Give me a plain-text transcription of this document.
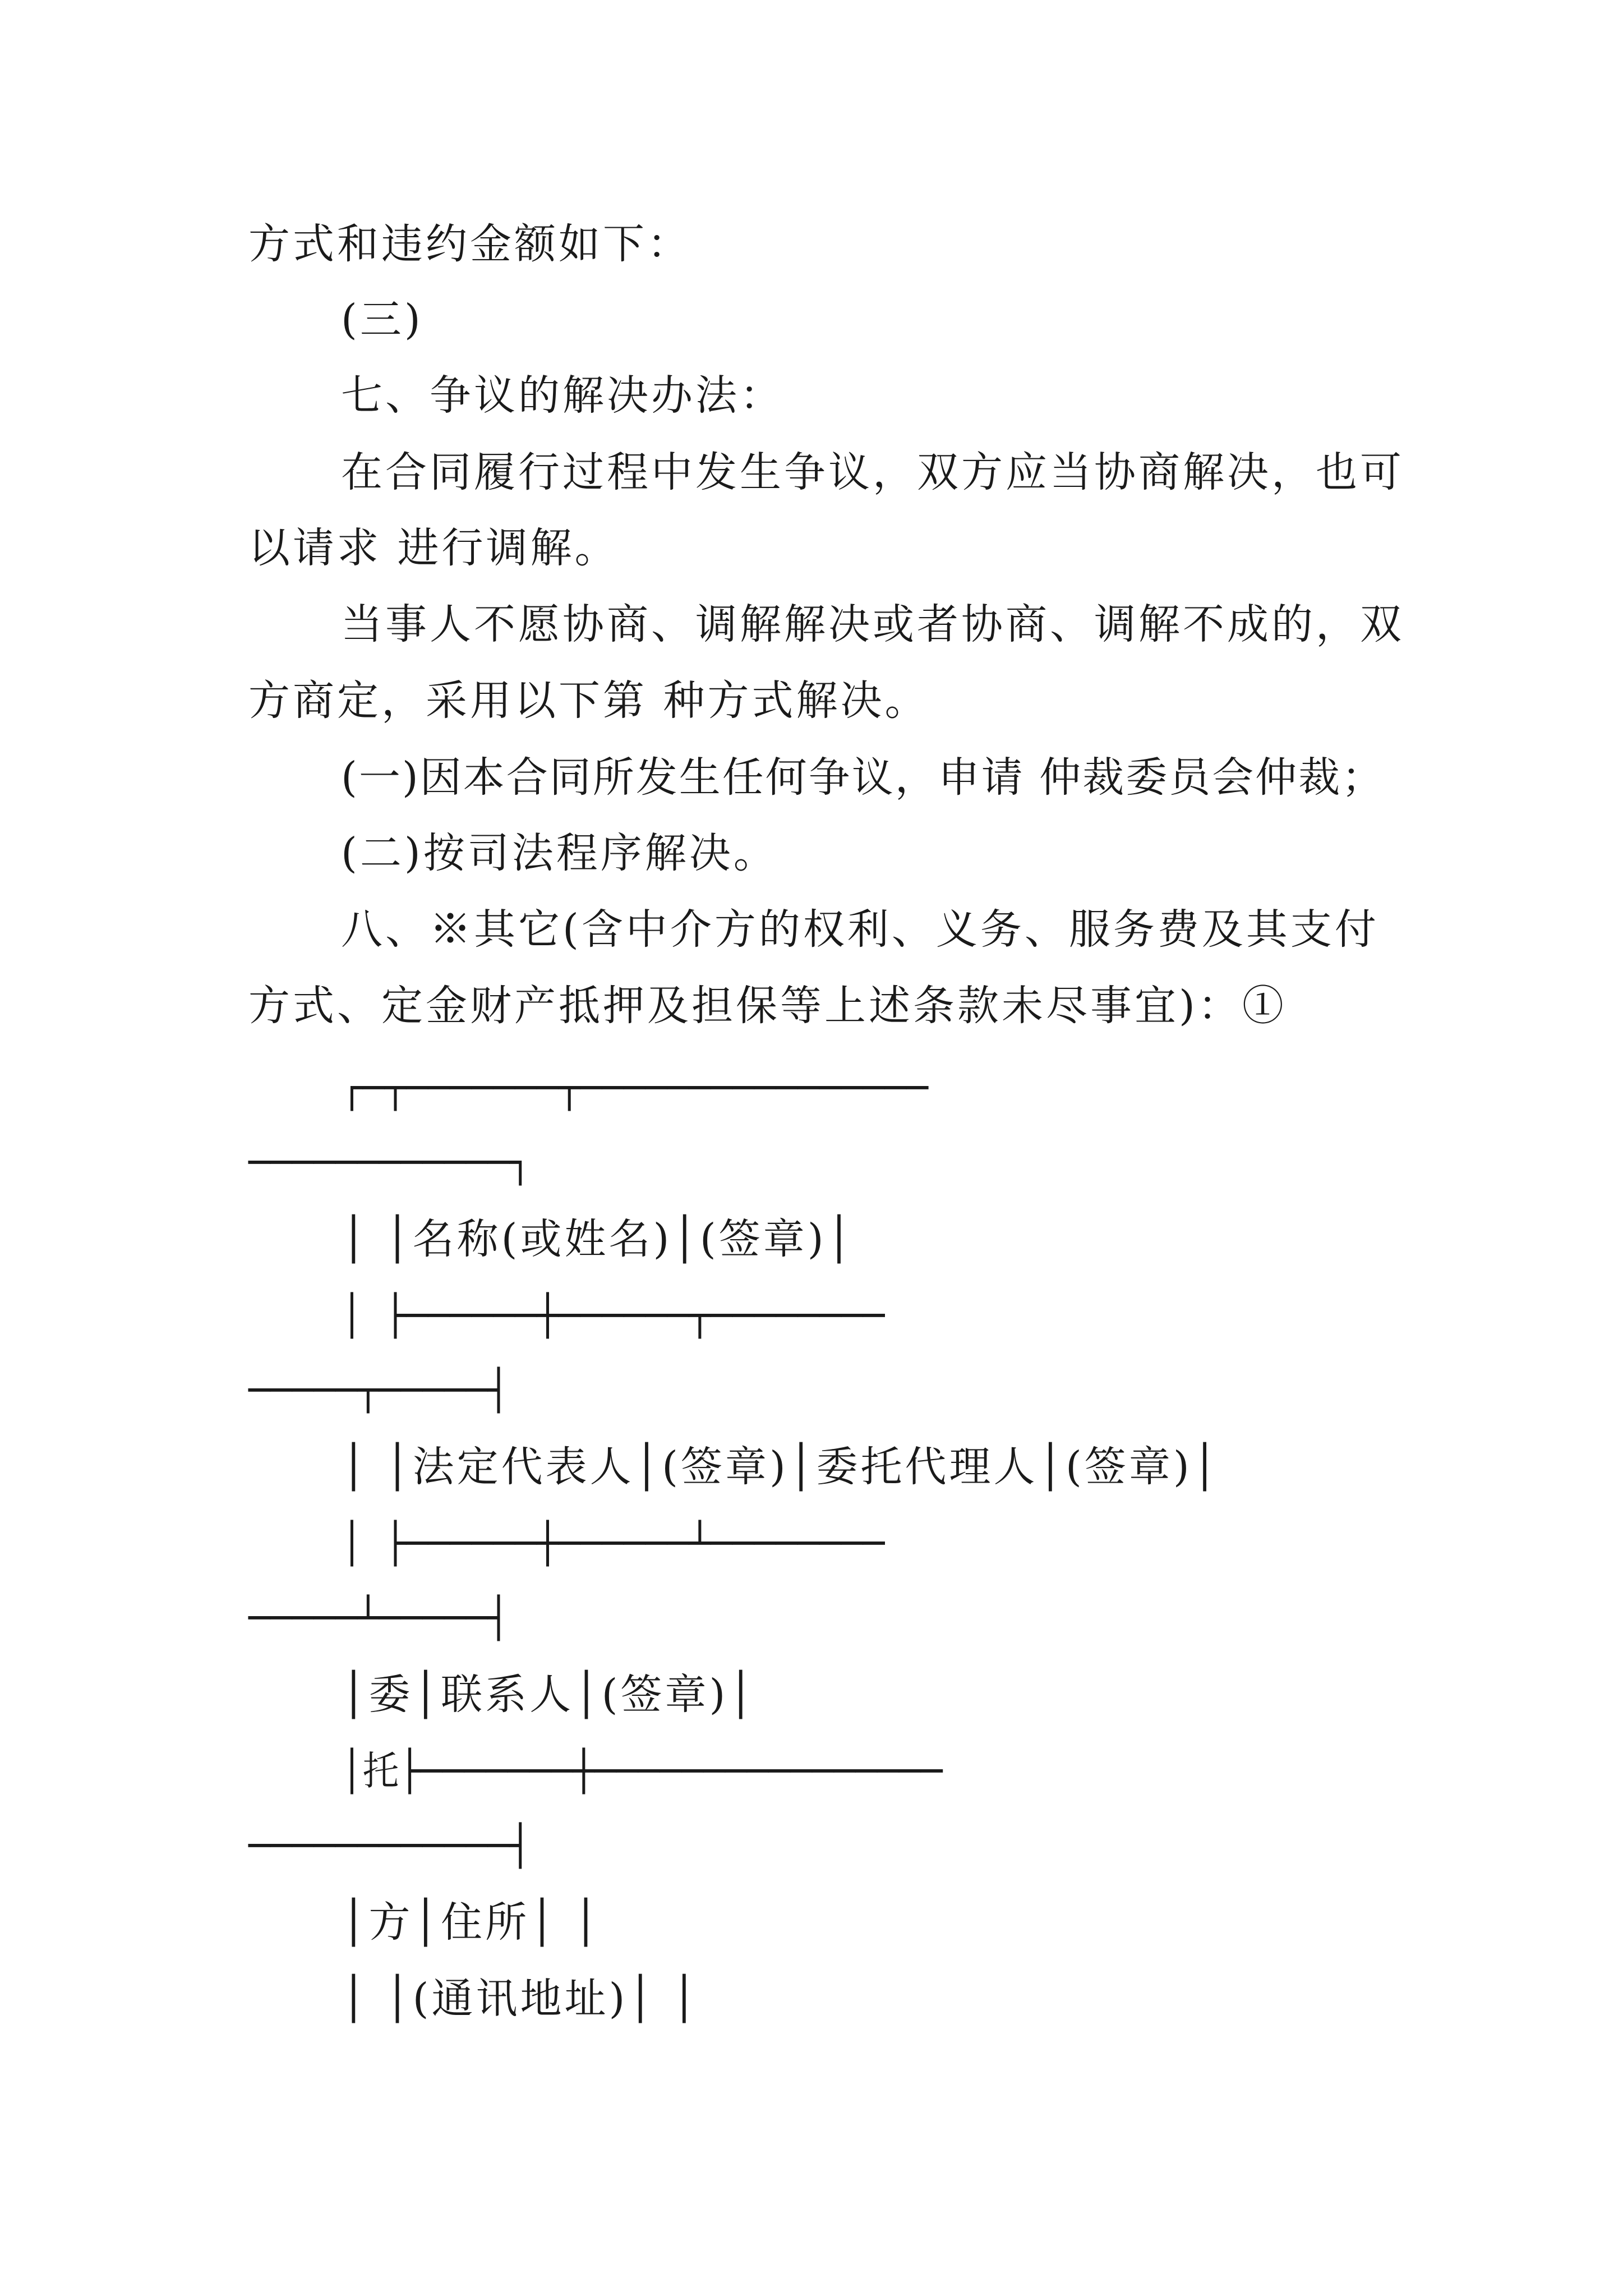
方式和违约金额如下：
(三)
七、争议的解决办法：
在合同履行过程中发生争议，双方应当协商解决，也可
以请求 进行调解。
当事人不愿协商、调解解决或者协商、调解不成的，双
方商定，采用以下第 种方式解决。
(一)因本合同所发生任何争议，申请 仲裁委员会仲裁；
(二)按司法程序解决。
八、※其它(含中介方的权利、义务、服务费及其支付
方式、定金财产抵押及担保等上述条款未尽事宜)：①
┌─┬───────┬────────────────
────────────┐
│ │名称(或姓名)│(签章)│
│ ├──────┼──────┬────────
─────┬─────┤
│ │法定代表人│(签章)│委托代理人│(签章)│
│ ├──────┼──────┴────────
─────┴─────┤
│委│联系人│(签章)│
│托├───────┼────────────────
────────────┤
│方│住所│ │
│ │(通讯地址)│ │
